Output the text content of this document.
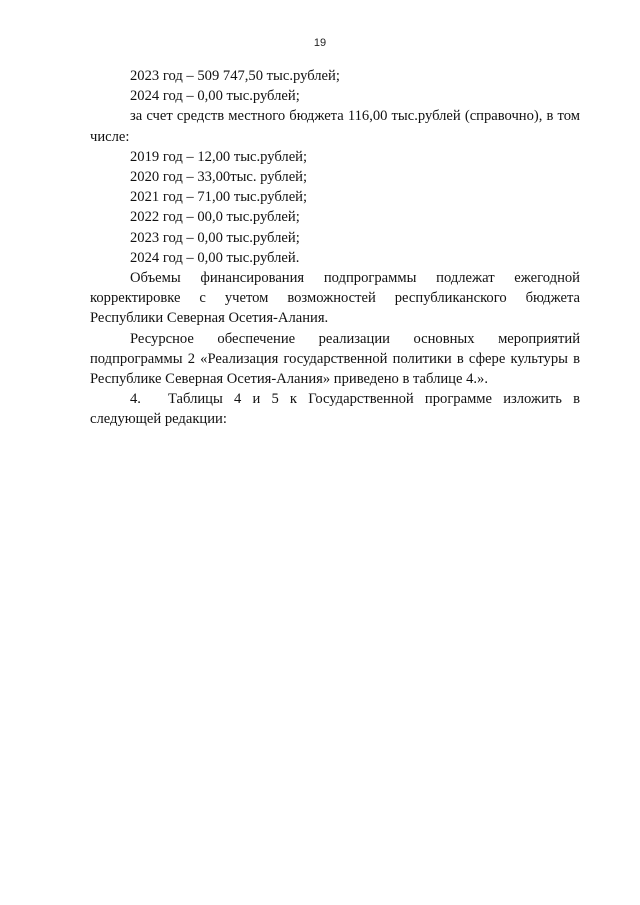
19
2023 год – 509 747,50 тыс.рублей;
2024 год – 0,00 тыс.рублей;
за счет средств местного бюджета 116,00 тыс.рублей (справочно), в том числе:
2019 год – 12,00 тыс.рублей;
2020 год – 33,00тыс. рублей;
2021 год – 71,00 тыс.рублей;
2022 год – 00,0 тыс.рублей;
2023 год – 0,00 тыс.рублей;
2024 год – 0,00 тыс.рублей.
Объемы финансирования подпрограммы подлежат ежегодной корректировке с учетом возможностей республиканского бюджета Республики Северная Осетия-Алания.
Ресурсное обеспечение реализации основных мероприятий подпрограммы 2 «Реализация государственной политики в сфере культуры в Республике Северная Осетия-Алания» приведено в таблице 4.».
4. Таблицы 4 и 5 к Государственной программе изложить в следующей редакции:
